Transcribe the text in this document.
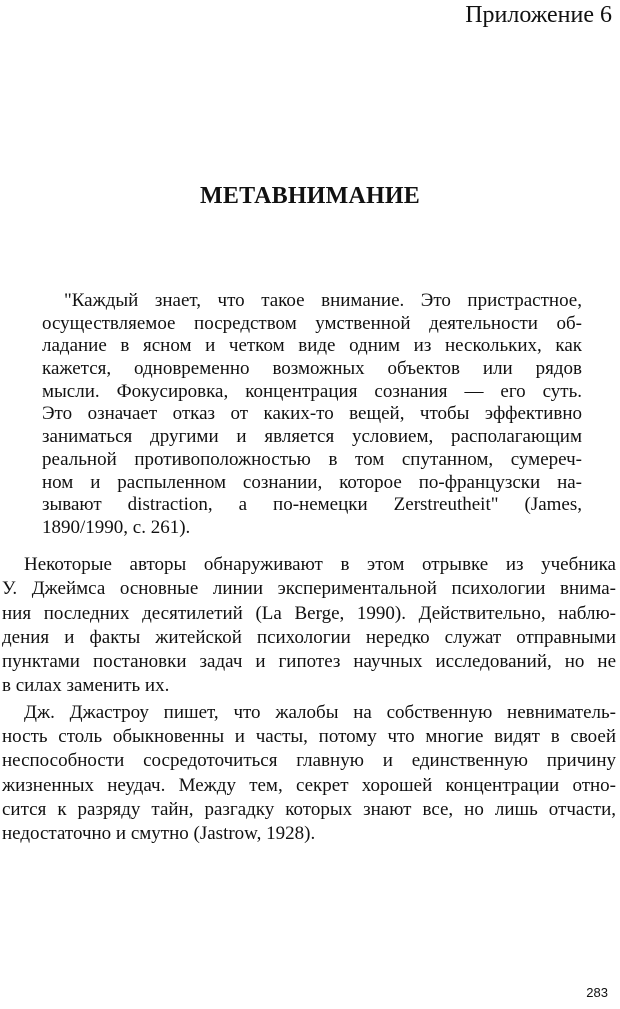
Приложение 6
МЕТАВНИМАНИЕ
"Каждый знает, что такое внимание. Это пристрастное,
осуществляемое посредством умственной деятельности об-
ладание в ясном и четком виде одним из нескольких, как
кажется, одновременно возможных объектов или рядов
мысли. Фокусировка, концентрация сознания — его суть.
Это означает отказ от каких-то вещей, чтобы эффективно
заниматься другими и является условием, располагающим
реальной противоположностью в том спутанном, сумереч-
ном и распыленном сознании, которое по-французски на-
зывают distraction, а по-немецки Zerstreutheit" (James,
1890/1990, с. 261).
Некоторые авторы обнаруживают в этом отрывке из учебника
У. Джеймса основные линии экспериментальной психологии внима-
ния последних десятилетий (La Berge, 1990). Действительно, наблю-
дения и факты житейской психологии нередко служат отправными
пунктами постановки задач и гипотез научных исследований, но не
в силах заменить их.
Дж. Джастроу пишет, что жалобы на собственную невниматель-
ность столь обыкновенны и часты, потому что многие видят в своей
неспособности сосредоточиться главную и единственную причину
жизненных неудач. Между тем, секрет хорошей концентрации отно-
сится к разряду тайн, разгадку которых знают все, но лишь отчасти,
недостаточно и смутно (Jastrow, 1928).
283
